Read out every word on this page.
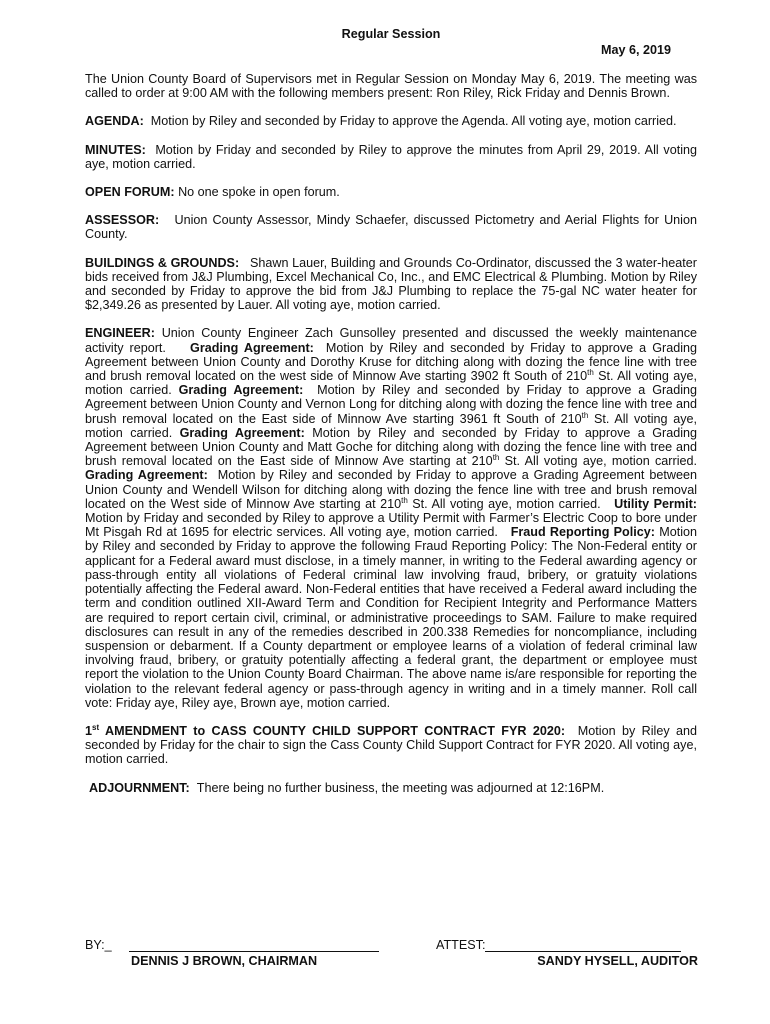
Regular Session
May 6, 2019

The Union County Board of Supervisors met in Regular Session on Monday May 6, 2019. The meeting was called to order at 9:00 AM with the following members present: Ron Riley, Rick Friday and Dennis Brown.

AGENDA: Motion by Riley and seconded by Friday to approve the Agenda. All voting aye, motion carried.

MINUTES: Motion by Friday and seconded by Riley to approve the minutes from April 29, 2019. All voting aye, motion carried.

OPEN FORUM: No one spoke in open forum.

ASSESSOR: Union County Assessor, Mindy Schaefer, discussed Pictometry and Aerial Flights for Union County.

BUILDINGS & GROUNDS: Shawn Lauer, Building and Grounds Co-Ordinator, discussed the 3 water-heater bids received from J&J Plumbing, Excel Mechanical Co, Inc., and EMC Electrical & Plumbing. Motion by Riley and seconded by Friday to approve the bid from J&J Plumbing to replace the 75-gal NC water heater for $2,349.26 as presented by Lauer. All voting aye, motion carried.

ENGINEER: Union County Engineer Zach Gunsolley presented and discussed the weekly maintenance activity report. Grading Agreement: Motion by Riley and seconded by Friday to approve a Grading Agreement between Union County and Dorothy Kruse for ditching along with dozing the fence line with tree and brush removal located on the west side of Minnow Ave starting 3902 ft South of 210th St. All voting aye, motion carried. Grading Agreement: Motion by Riley and seconded by Friday to approve a Grading Agreement between Union County and Vernon Long for ditching along with dozing the fence line with tree and brush removal located on the East side of Minnow Ave starting 3961 ft South of 210th St. All voting aye, motion carried. Grading Agreement: Motion by Riley and seconded by Friday to approve a Grading Agreement between Union County and Matt Goche for ditching along with dozing the fence line with tree and brush removal located on the East side of Minnow Ave starting at 210th St. All voting aye, motion carried. Grading Agreement: Motion by Riley and seconded by Friday to approve a Grading Agreement between Union County and Wendell Wilson for ditching along with dozing the fence line with tree and brush removal located on the West side of Minnow Ave starting at 210th St. All voting aye, motion carried. Utility Permit: Motion by Friday and seconded by Riley to approve a Utility Permit with Farmer’s Electric Coop to bore under Mt Pisgah Rd at 1695 for electric services. All voting aye, motion carried. Fraud Reporting Policy: Motion by Riley and seconded by Friday to approve the following Fraud Reporting Policy: The Non-Federal entity or applicant for a Federal award must disclose, in a timely manner, in writing to the Federal awarding agency or pass-through entity all violations of Federal criminal law involving fraud, bribery, or gratuity violations potentially affecting the Federal award. Non-Federal entities that have received a Federal award including the term and condition outlined XII-Award Term and Condition for Recipient Integrity and Performance Matters are required to report certain civil, criminal, or administrative proceedings to SAM. Failure to make required disclosures can result in any of the remedies described in 200.338 Remedies for noncompliance, including suspension or debarment. If a County department or employee learns of a violation of federal criminal law involving fraud, bribery, or gratuity potentially affecting a federal grant, the department or employee must report the violation to the Union County Board Chairman. The above name is/are responsible for reporting the violation to the relevant federal agency or pass-through agency in writing and in a timely manner. Roll call vote: Friday aye, Riley aye, Brown aye, motion carried.

1st AMENDMENT to CASS COUNTY CHILD SUPPORT CONTRACT FYR 2020: Motion by Riley and seconded by Friday for the chair to sign the Cass County Child Support Contract for FYR 2020. All voting aye, motion carried.

ADJOURNMENT: There being no further business, the meeting was adjourned at 12:16PM.

BY:_
DENNIS J BROWN, CHAIRMAN
ATTEST:
SANDY HYSELL, AUDITOR
